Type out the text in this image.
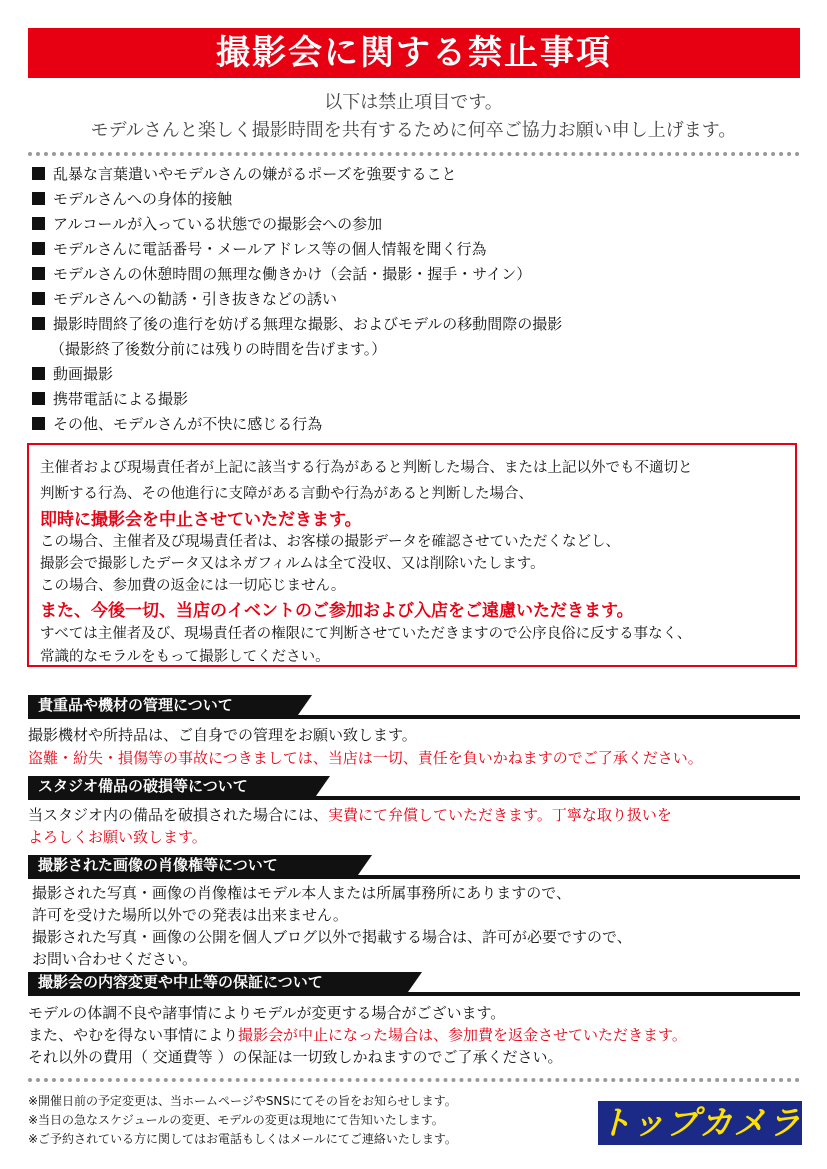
撮影会に関する禁止事項
以下は禁止項目です。
モデルさんと楽しく撮影時間を共有するために何卒ご協力お願い申し上げます。
乱暴な言葉遣いやモデルさんの嫌がるポーズを強要すること
モデルさんへの身体的接触
アルコールが入っている状態での撮影会への参加
モデルさんに電話番号・メールアドレス等の個人情報を聞く行為
モデルさんの休憩時間の無理な働きかけ（会話・撮影・握手・サイン）
モデルさんへの勧誘・引き抜きなどの誘い
撮影時間終了後の進行を妨げる無理な撮影、およびモデルの移動間際の撮影
（撮影終了後数分前には残りの時間を告げます。）
動画撮影
携帯電話による撮影
その他、モデルさんが不快に感じる行為
主催者および現場責任者が上記に該当する行為があると判断した場合、または上記以外でも不適切と
判断する行為、その他進行に支障がある言動や行為があると判断した場合、
即時に撮影会を中止させていただきます。
この場合、主催者及び現場責任者は、お客様の撮影データを確認させていただくなどし、
撮影会で撮影したデータ又はネガフィルムは全て没収、又は削除いたします。
この場合、参加費の返金には一切応じません。
また、今後一切、当店のイベントのご参加および入店をご遠慮いただきます。
すべては主催者及び、現場責任者の権限にて判断させていただきますので公序良俗に反する事なく、
常識的なモラルをもって撮影してください。
貴重品や機材の管理について
撮影機材や所持品は、ご自身での管理をお願い致します。
盗難・紛失・損傷等の事故につきましては、当店は一切、責任を負いかねますのでご了承ください。
スタジオ備品の破損等について
当スタジオ内の備品を破損された場合には、実費にて弁償していただきます。丁寧な取り扱いを
よろしくお願い致します。
撮影された画像の肖像権等について
撮影された写真・画像の肖像権はモデル本人または所属事務所にありますので、
許可を受けた場所以外での発表は出来ません。
撮影された写真・画像の公開を個人ブログ以外で掲載する場合は、許可が必要ですので、
お問い合わせください。
撮影会の内容変更や中止等の保証について
モデルの体調不良や諸事情によりモデルが変更する場合がございます。
また、やむを得ない事情により撮影会が中止になった場合は、参加費を返金させていただきます。
それ以外の費用（ 交通費等 ）の保証は一切致しかねますのでご了承ください。
※開催日前の予定変更は、当ホームページやSNSにてその旨をお知らせします。
※当日の急なスケジュールの変更、モデルの変更は現地にて告知いたします。
※ご予約されている方に関してはお電話もしくはメールにてご連絡いたします。	トップカメラ
